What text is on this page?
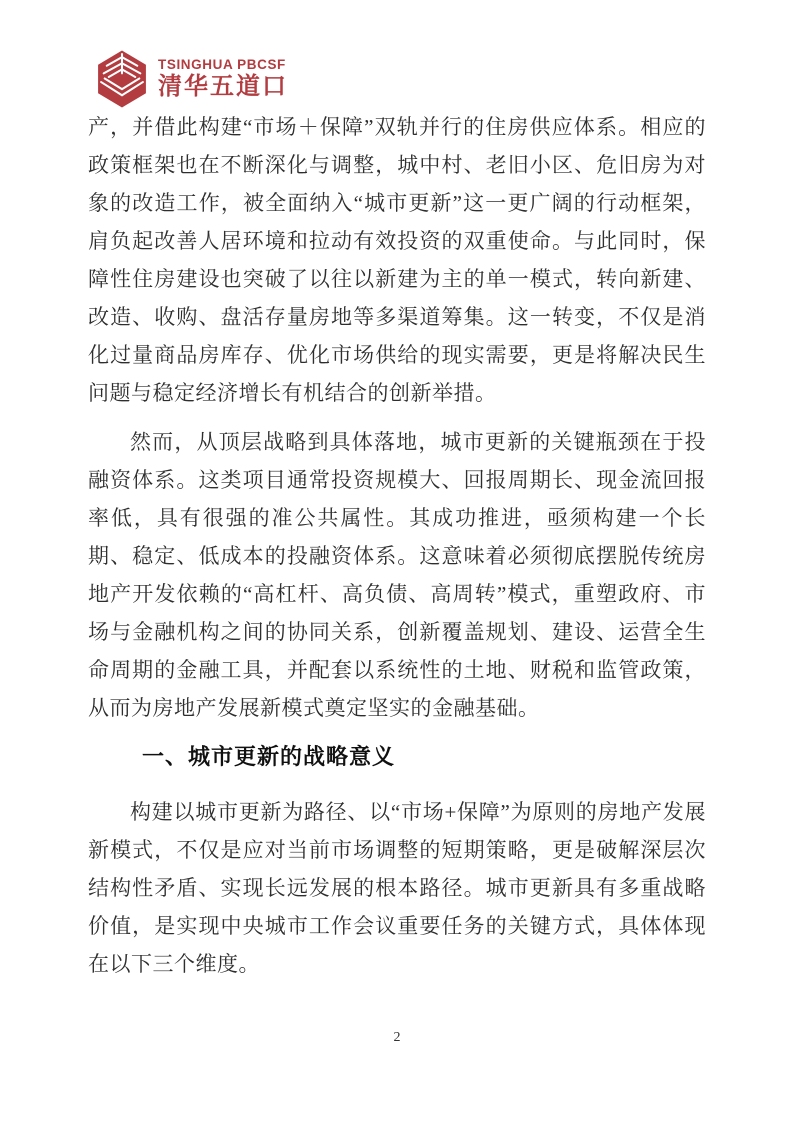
TSINGHUA PBCSF
清华五道口

产，并借此构建“市场＋保障”双轨并行的住房供应体系。相应的政策框架也在不断深化与调整，城中村、老旧小区、危旧房为对象的改造工作，被全面纳入“城市更新”这一更广阔的行动框架，肩负起改善人居环境和拉动有效投资的双重使命。与此同时，保障性住房建设也突破了以往以新建为主的单一模式，转向新建、改造、收购、盘活存量房地等多渠道筹集。这一转变，不仅是消化过量商品房库存、优化市场供给的现实需要，更是将解决民生问题与稳定经济增长有机结合的创新举措。

然而，从顶层战略到具体落地，城市更新的关键瓶颈在于投融资体系。这类项目通常投资规模大、回报周期长、现金流回报率低，具有很强的准公共属性。其成功推进，亟须构建一个长期、稳定、低成本的投融资体系。这意味着必须彻底摆脱传统房地产开发依赖的“高杠杆、高负债、高周转”模式，重塑政府、市场与金融机构之间的协同关系，创新覆盖规划、建设、运营全生命周期的金融工具，并配套以系统性的土地、财税和监管政策，从而为房地产发展新模式奠定坚实的金融基础。

一、城市更新的战略意义

构建以城市更新为路径、以“市场+保障”为原则的房地产发展新模式，不仅是应对当前市场调整的短期策略，更是破解深层次结构性矛盾、实现长远发展的根本路径。城市更新具有多重战略价值，是实现中央城市工作会议重要任务的关键方式，具体体现在以下三个维度。

2
